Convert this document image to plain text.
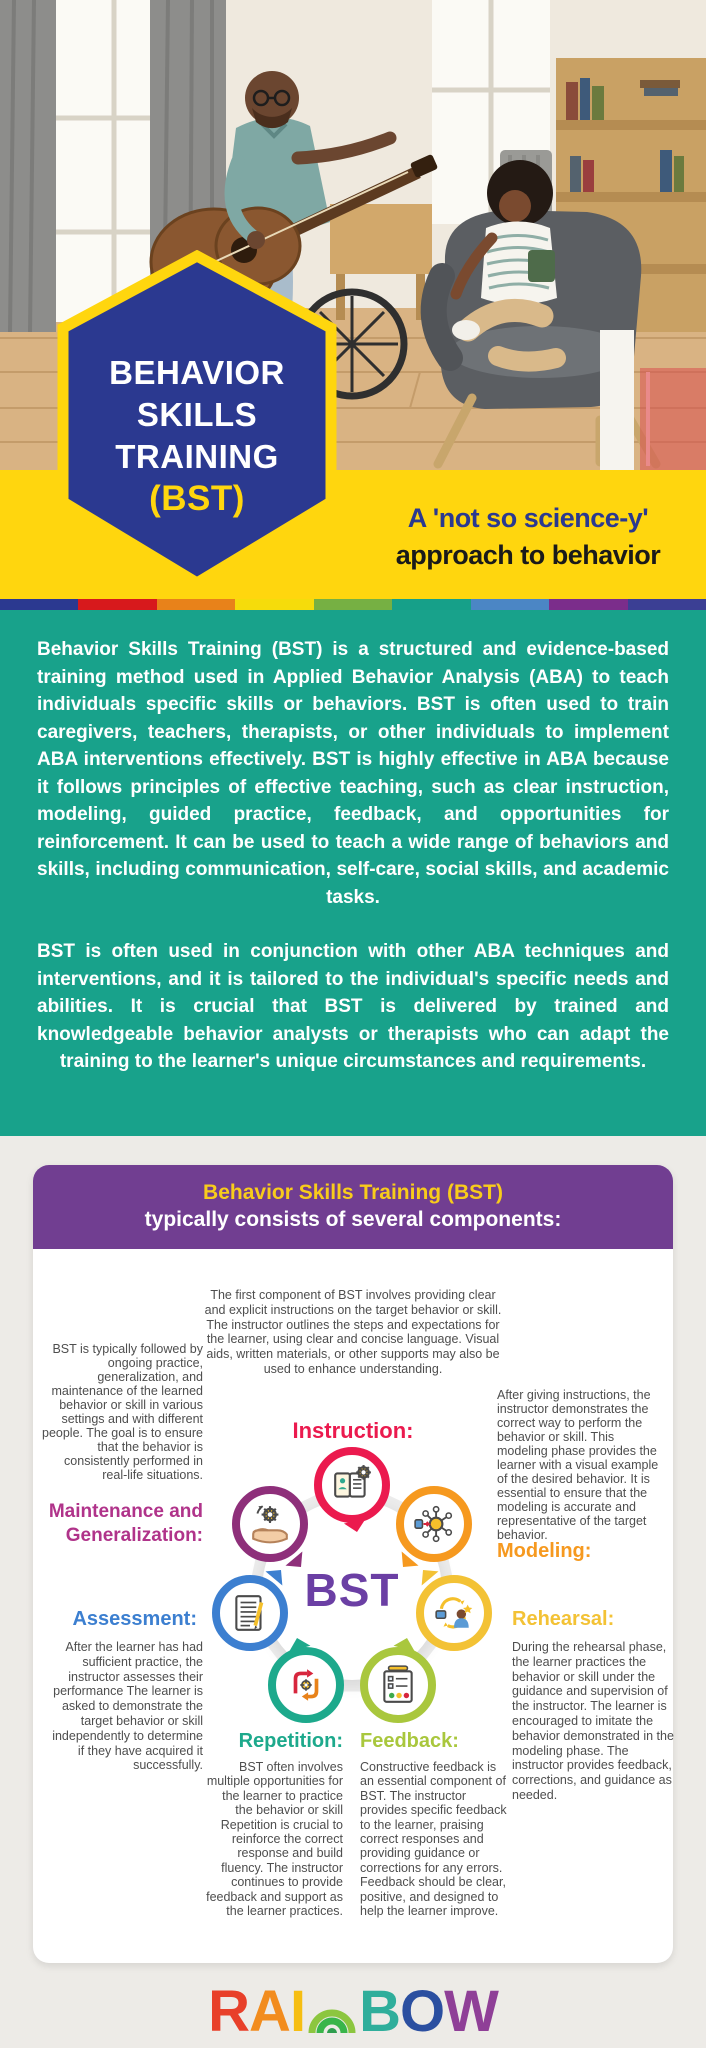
A 'not so science-y'
approach to behavior
BEHAVIOR
SKILLS
TRAINING
(BST)

Behavior Skills Training (BST) is a structured and evidence-based training method used in Applied Behavior Analysis (ABA) to teach individuals specific skills or behaviors. BST is often used to train caregivers, teachers, therapists, or other individuals to implement ABA interventions effectively. BST is highly effective in ABA because it follows principles of effective teaching, such as clear instruction, modeling, guided practice, feedback, and opportunities for reinforcement. It can be used to teach a wide range of behaviors and skills, including communication, self-care, social skills, and academic tasks.

BST is often used in conjunction with other ABA techniques and interventions, and it is tailored to the individual's specific needs and abilities. It is crucial that BST is delivered by trained and knowledgeable behavior analysts or therapists who can adapt the training to the learner's unique circumstances and requirements.

Behavior Skills Training (BST)
typically consists of several components:
BST
Instruction:
The first component of BST involves providing clear and explicit instructions on the target behavior or skill. The instructor outlines the steps and expectations for the learner, using clear and concise language. Visual aids, written materials, or other supports may also be used to enhance understanding.
Modeling:
After giving instructions, the instructor demonstrates the correct way to perform the behavior or skill. This modeling phase provides the learner with a visual example of the desired behavior. It is essential to ensure that the modeling is accurate and representative of the target behavior.
Rehearsal:
During the rehearsal phase, the learner practices the behavior or skill under the guidance and supervision of the instructor. The learner is encouraged to imitate the behavior demonstrated in the modeling phase. The instructor provides feedback, corrections, and guidance as needed.
Feedback:
Constructive feedback is an essential component of BST. The instructor provides specific feedback to the learner, praising correct responses and providing guidance or corrections for any errors. Feedback should be clear, positive, and designed to help the learner improve.
Repetition:
BST often involves multiple opportunities for the learner to practice the behavior or skill Repetition is crucial to reinforce the correct response and build fluency. The instructor continues to provide feedback and support as the learner practices.
Assessment:
After the learner has had sufficient practice, the instructor assesses their performance The learner is asked to demonstrate the target behavior or skill independently to determine if they have acquired it successfully.
Maintenance and Generalization:
BST is typically followed by ongoing practice, generalization, and maintenance of the learned behavior or skill in various settings and with different people. The goal is to ensure that the behavior is consistently performed in real-life situations.
RAI BOW
